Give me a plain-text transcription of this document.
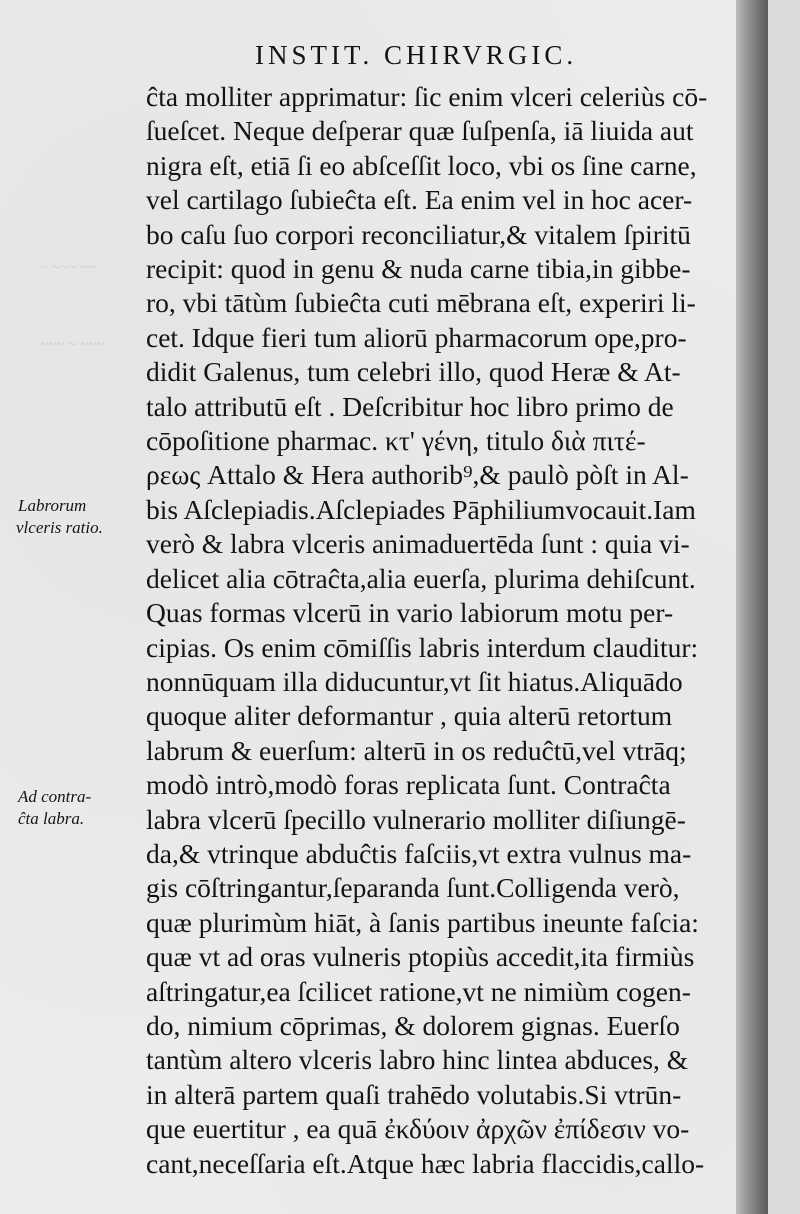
~ ~~~ ~~
~~~ ~ ~~~
INSTIT. CHIRVRGIC.
ĉta molliter apprimatur: ſic enim vlceri celeriùs cō-
ſueſcet. Neque deſperar quæ ſuſpenſa, iā liuida aut
nigra eſt, etiā ſi eo abſceſſit loco, vbi os ſine carne,
vel cartilago ſubieĉta eſt. Ea enim vel in hoc acer-
bo caſu ſuo corpori reconciliatur,& vitalem ſpiritū
recipit: quod in genu & nuda carne tibia,in gibbe-
ro, vbi tātùm ſubieĉta cuti mēbrana eſt, experiri li-
cet. Idque fieri tum aliorū pharmacorum ope,pro-
didit Galenus, tum celebri illo, quod Heræ & At-
talo attributū eſt . Deſcribitur hoc libro primo de
cōpoſitione pharmac. κτ' γένη, titulo διὰ πιτέ-
ρεως Attalo & Hera authorib⁹,& paulò pòſt in Al-
bis Aſclepiadis.Aſclepiades Pāphiliumvocauit.Iam
verò & labra vlceris animaduertēda ſunt : quia vi-
delicet alia cōtraĉta,alia euerſa, plurima dehiſcunt.
Quas formas vlcerū in vario labiorum motu per-
cipias. Os enim cōmiſſis labris interdum clauditur:
nonnūquam illa diducuntur,vt ſit hiatus.Aliquādo
quoque aliter deformantur , quia alterū retortum
labrum & euerſum: alterū in os reduĉtū,vel vtrāq;
modò intrò,modò foras replicata ſunt. Contraĉta
labra vlcerū ſpecillo vulnerario molliter diſiungē-
da,& vtrinque abduĉtis faſciis,vt extra vulnus ma-
gis cōſtringantur,ſeparanda ſunt.Colligenda verò,
quæ plurimùm hiāt, à ſanis partibus ineunte faſcia:
quæ vt ad oras vulneris ptopiùs accedit,ita firmiùs
aſtringatur,ea ſcilicet ratione,vt ne nimiùm cogen-
do, nimium cōprimas, & dolorem gignas. Euerſo
tantùm altero vlceris labro hinc lintea abduces, &
in alterā partem quaſi trahēdo volutabis.Si vtrūn-
que euertitur , ea quā ἐκδύοιν ἀρχῶν ἐπίδεσιν vo-
cant,neceſſaria eſt.Atque hæc labria flaccidis,callo-
Labrorum
vlceris ratio.
Ad contra-
ĉta labra.
